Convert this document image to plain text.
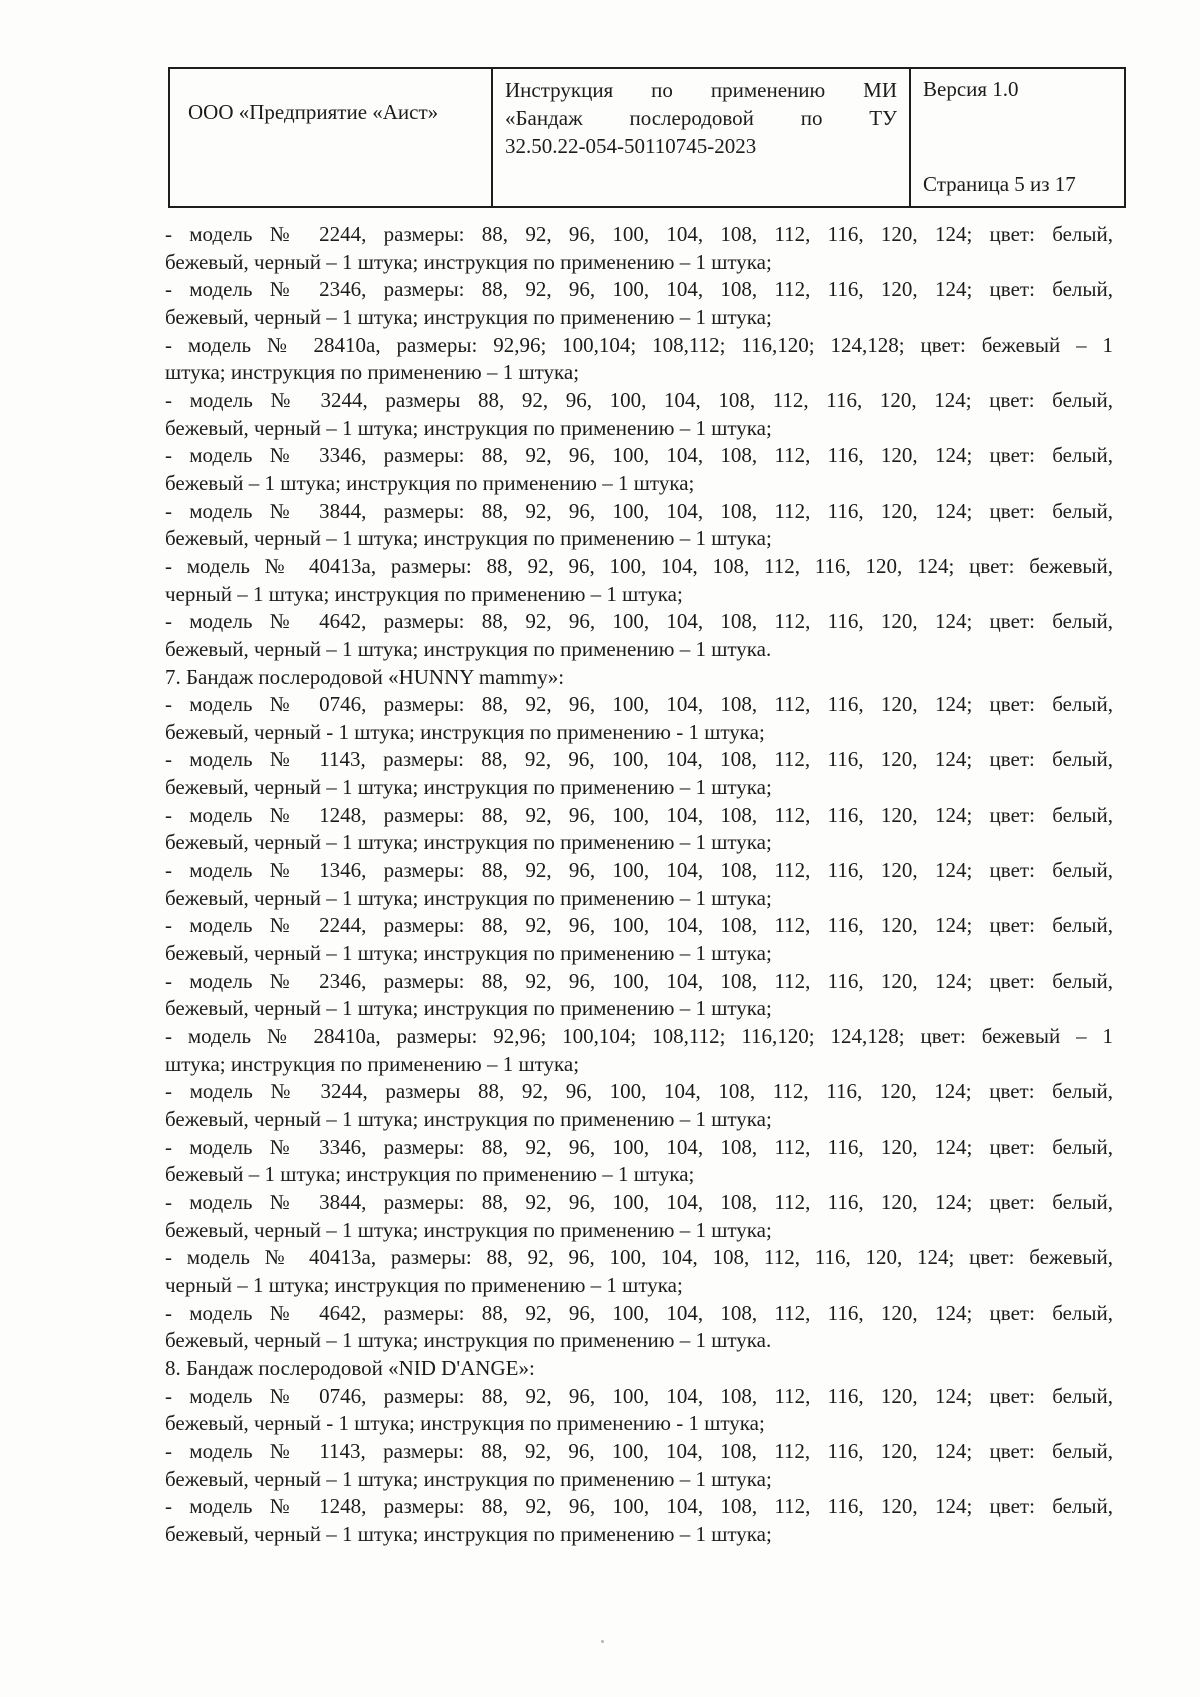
ООО «Предприятие «Аист»
Инструкция по применению МИ
«Бандаж послеродовой по ТУ
32.50.22-054-50110745-2023
Версия 1.0
Страница 5 из 17
- модель № 2244, размеры: 88, 92, 96, 100, 104, 108, 112, 116, 120, 124; цвет: белый,
бежевый, черный – 1 штука; инструкция по применению – 1 штука;
- модель № 2346, размеры: 88, 92, 96, 100, 104, 108, 112, 116, 120, 124; цвет: белый,
бежевый, черный – 1 штука; инструкция по применению – 1 штука;
- модель № 28410а, размеры: 92,96; 100,104; 108,112; 116,120; 124,128; цвет: бежевый – 1
штука; инструкция по применению – 1 штука;
- модель № 3244, размеры 88, 92, 96, 100, 104, 108, 112, 116, 120, 124; цвет: белый,
бежевый, черный – 1 штука; инструкция по применению – 1 штука;
- модель № 3346, размеры: 88, 92, 96, 100, 104, 108, 112, 116, 120, 124; цвет: белый,
бежевый – 1 штука; инструкция по применению – 1 штука;
- модель № 3844, размеры: 88, 92, 96, 100, 104, 108, 112, 116, 120, 124; цвет: белый,
бежевый, черный – 1 штука; инструкция по применению – 1 штука;
- модель № 40413а, размеры: 88, 92, 96, 100, 104, 108, 112, 116, 120, 124; цвет: бежевый,
черный – 1 штука; инструкция по применению – 1 штука;
- модель № 4642, размеры: 88, 92, 96, 100, 104, 108, 112, 116, 120, 124; цвет: белый,
бежевый, черный – 1 штука; инструкция по применению – 1 штука.
7. Бандаж послеродовой «HUNNY mammy»:
- модель № 0746, размеры: 88, 92, 96, 100, 104, 108, 112, 116, 120, 124; цвет: белый,
бежевый, черный - 1 штука; инструкция по применению - 1 штука;
- модель № 1143, размеры: 88, 92, 96, 100, 104, 108, 112, 116, 120, 124; цвет: белый,
бежевый, черный – 1 штука; инструкция по применению – 1 штука;
- модель № 1248, размеры: 88, 92, 96, 100, 104, 108, 112, 116, 120, 124; цвет: белый,
бежевый, черный – 1 штука; инструкция по применению – 1 штука;
- модель № 1346, размеры: 88, 92, 96, 100, 104, 108, 112, 116, 120, 124; цвет: белый,
бежевый, черный – 1 штука; инструкция по применению – 1 штука;
- модель № 2244, размеры: 88, 92, 96, 100, 104, 108, 112, 116, 120, 124; цвет: белый,
бежевый, черный – 1 штука; инструкция по применению – 1 штука;
- модель № 2346, размеры: 88, 92, 96, 100, 104, 108, 112, 116, 120, 124; цвет: белый,
бежевый, черный – 1 штука; инструкция по применению – 1 штука;
- модель № 28410а, размеры: 92,96; 100,104; 108,112; 116,120; 124,128; цвет: бежевый – 1
штука; инструкция по применению – 1 штука;
- модель № 3244, размеры 88, 92, 96, 100, 104, 108, 112, 116, 120, 124; цвет: белый,
бежевый, черный – 1 штука; инструкция по применению – 1 штука;
- модель № 3346, размеры: 88, 92, 96, 100, 104, 108, 112, 116, 120, 124; цвет: белый,
бежевый – 1 штука; инструкция по применению – 1 штука;
- модель № 3844, размеры: 88, 92, 96, 100, 104, 108, 112, 116, 120, 124; цвет: белый,
бежевый, черный – 1 штука; инструкция по применению – 1 штука;
- модель № 40413а, размеры: 88, 92, 96, 100, 104, 108, 112, 116, 120, 124; цвет: бежевый,
черный – 1 штука; инструкция по применению – 1 штука;
- модель № 4642, размеры: 88, 92, 96, 100, 104, 108, 112, 116, 120, 124; цвет: белый,
бежевый, черный – 1 штука; инструкция по применению – 1 штука.
8. Бандаж послеродовой «NID D'ANGE»:
- модель № 0746, размеры: 88, 92, 96, 100, 104, 108, 112, 116, 120, 124; цвет: белый,
бежевый, черный - 1 штука; инструкция по применению - 1 штука;
- модель № 1143, размеры: 88, 92, 96, 100, 104, 108, 112, 116, 120, 124; цвет: белый,
бежевый, черный – 1 штука; инструкция по применению – 1 штука;
- модель № 1248, размеры: 88, 92, 96, 100, 104, 108, 112, 116, 120, 124; цвет: белый,
бежевый, черный – 1 штука; инструкция по применению – 1 штука;
